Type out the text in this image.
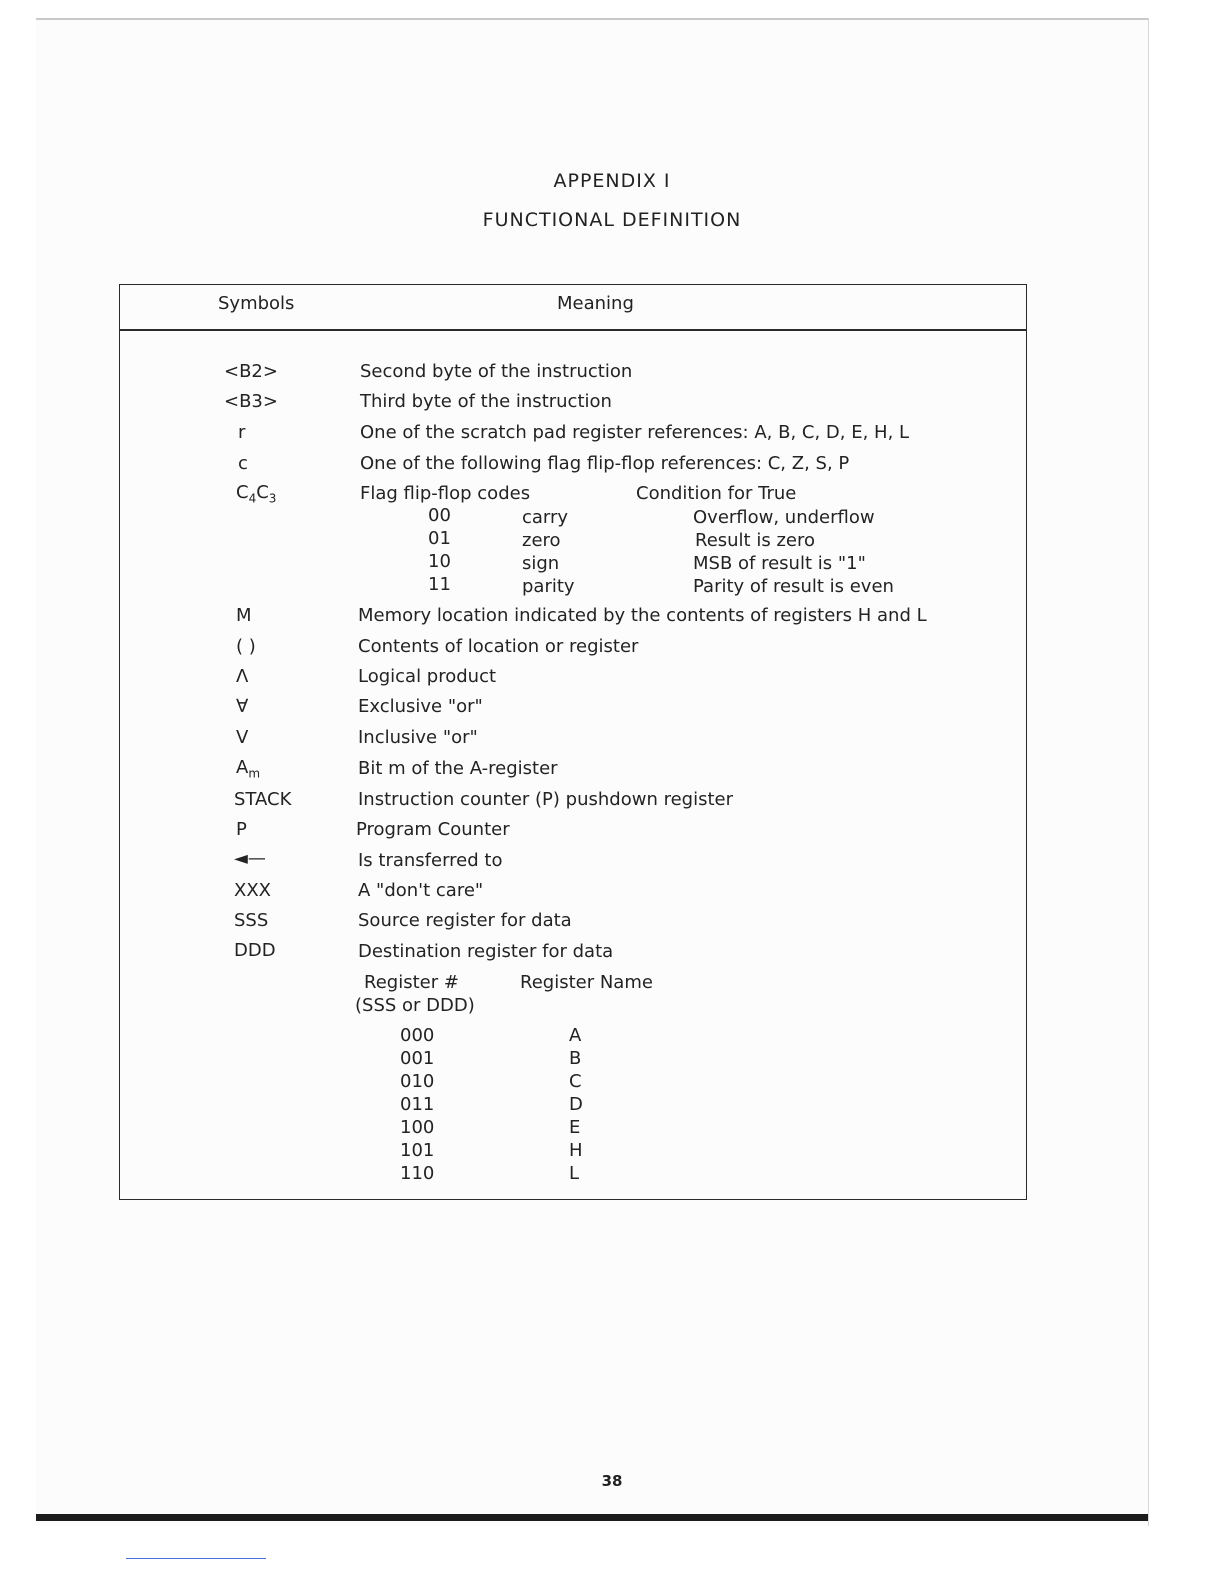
APPENDIX I
FUNCTIONAL DEFINITION
Symbols	Meaning
<B2>	Second byte of the instruction
<B3>	Third byte of the instruction
r	One of the scratch pad register references: A, B, C, D, E, H, L
c	One of the following flag flip-flop references: C, Z, S, P
$C_4C_3$	Flag flip-flop codes	Condition for True
00	carry	Overflow, underflow
01	zero	Result is zero
10	sign	MSB of result is "1"
11	parity	Parity of result is even
M	Memory location indicated by the contents of registers H and L
( )	Contents of location or register
Λ	Logical product
∀	Exclusive "or"
V	Inclusive "or"
$A_m$	Bit m of the A-register
STACK	Instruction counter (P) pushdown register
P	Program Counter
◄—	Is transferred to
XXX	A "don't care"
SSS	Source register for data
DDD	Destination register for data
Register #	Register Name
(SSS or DDD)
000	A
001	B
010	C
011	D
100	E
101	H
110	L
38
